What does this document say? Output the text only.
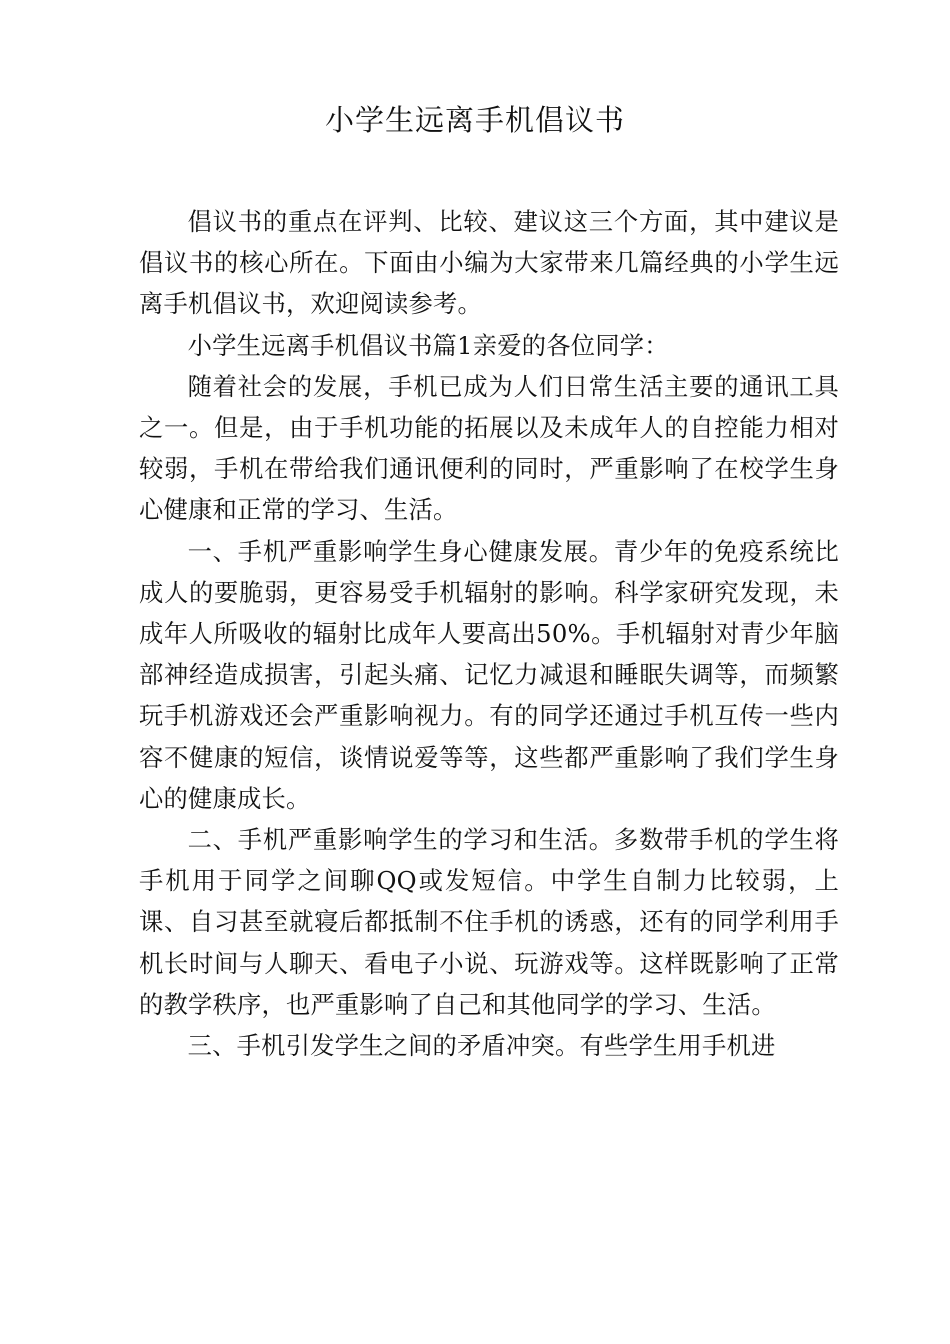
小学生远离手机倡议书

倡议书的重点在评判、比较、建议这三个方面，其中建议是倡议书的核心所在。下面由小编为大家带来几篇经典的小学生远离手机倡议书，欢迎阅读参考。

小学生远离手机倡议书篇1亲爱的各位同学：

随着社会的发展，手机已成为人们日常生活主要的通讯工具之一。但是，由于手机功能的拓展以及未成年人的自控能力相对较弱，手机在带给我们通讯便利的同时，严重影响了在校学生身心健康和正常的学习、生活。

一、手机严重影响学生身心健康发展。青少年的免疫系统比成人的要脆弱，更容易受手机辐射的影响。科学家研究发现，未成年人所吸收的辐射比成年人要高出50%。手机辐射对青少年脑部神经造成损害，引起头痛、记忆力减退和睡眠失调等，而频繁玩手机游戏还会严重影响视力。有的同学还通过手机互传一些内容不健康的短信，谈情说爱等等，这些都严重影响了我们学生身心的健康成长。

二、手机严重影响学生的学习和生活。多数带手机的学生将手机用于同学之间聊QQ或发短信。中学生自制力比较弱，上课、自习甚至就寝后都抵制不住手机的诱惑，还有的同学利用手机长时间与人聊天、看电子小说、玩游戏等。这样既影响了正常的教学秩序，也严重影响了自己和其他同学的学习、生活。

三、手机引发学生之间的矛盾冲突。有些学生用手机进
